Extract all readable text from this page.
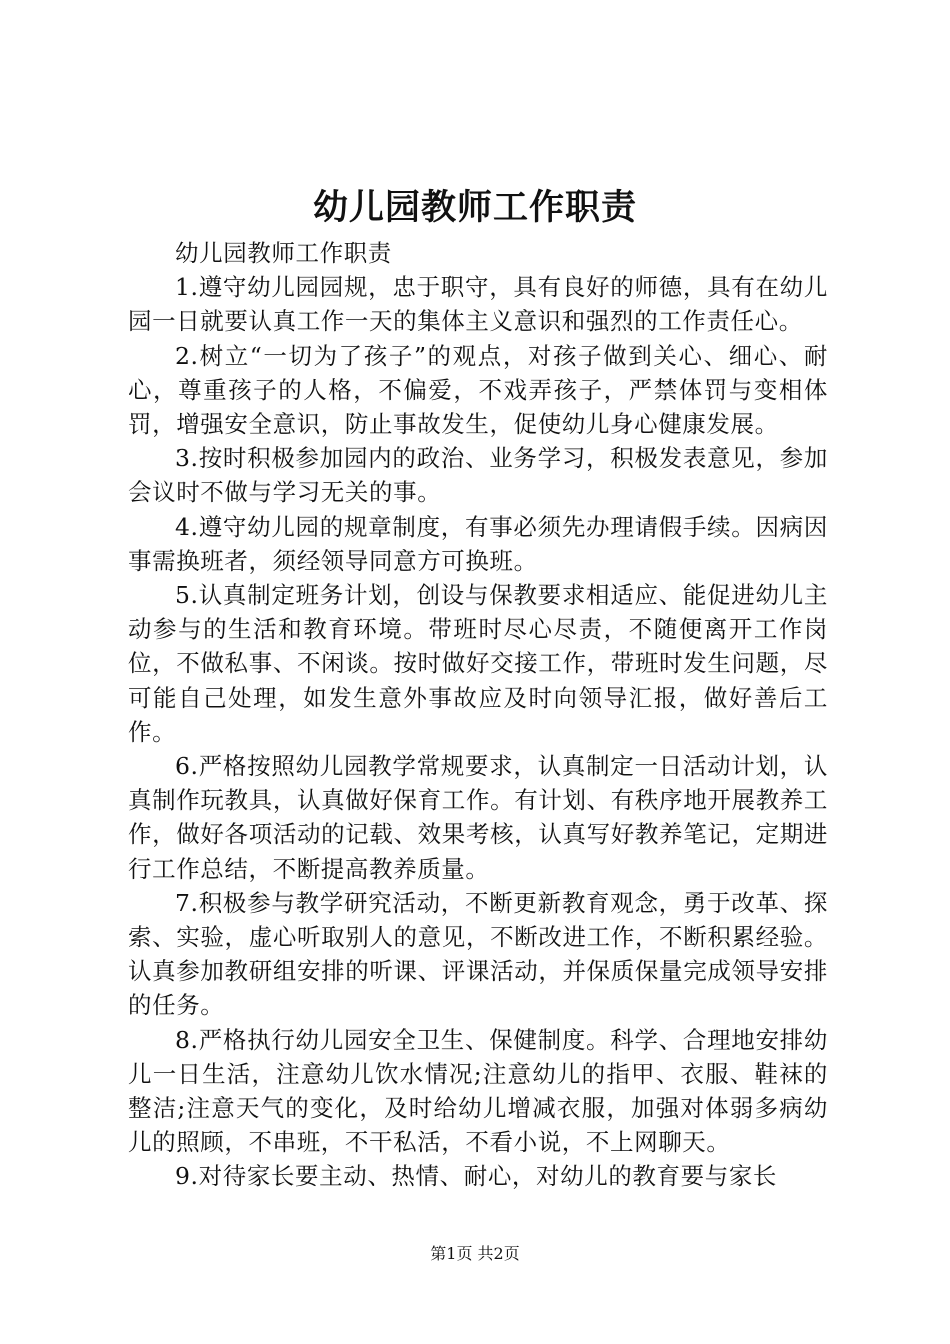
幼儿园教师工作职责

幼儿园教师工作职责

1.遵守幼儿园园规，忠于职守，具有良好的师德，具有在幼儿园一日就要认真工作一天的集体主义意识和强烈的工作责任心。

2.树立“一切为了孩子”的观点，对孩子做到关心、细心、耐心，尊重孩子的人格，不偏爱，不戏弄孩子，严禁体罚与变相体罚，增强安全意识，防止事故发生，促使幼儿身心健康发展。

3.按时积极参加园内的政治、业务学习，积极发表意见，参加会议时不做与学习无关的事。

4.遵守幼儿园的规章制度，有事必须先办理请假手续。因病因事需换班者，须经领导同意方可换班。

5.认真制定班务计划，创设与保教要求相适应、能促进幼儿主动参与的生活和教育环境。带班时尽心尽责，不随便离开工作岗位，不做私事、不闲谈。按时做好交接工作，带班时发生问题，尽可能自己处理，如发生意外事故应及时向领导汇报，做好善后工作。

6.严格按照幼儿园教学常规要求，认真制定一日活动计划，认真制作玩教具，认真做好保育工作。有计划、有秩序地开展教养工作，做好各项活动的记载、效果考核，认真写好教养笔记，定期进行工作总结，不断提高教养质量。

7.积极参与教学研究活动，不断更新教育观念，勇于改革、探索、实验，虚心听取别人的意见，不断改进工作，不断积累经验。认真参加教研组安排的听课、评课活动，并保质保量完成领导安排的任务。

8.严格执行幼儿园安全卫生、保健制度。科学、合理地安排幼儿一日生活，注意幼儿饮水情况;注意幼儿的指甲、衣服、鞋袜的整洁;注意天气的变化，及时给幼儿增减衣服，加强对体弱多病幼儿的照顾，不串班，不干私活，不看小说，不上网聊天。

9.对待家长要主动、热情、耐心，对幼儿的教育要与家长

第1页 共2页
